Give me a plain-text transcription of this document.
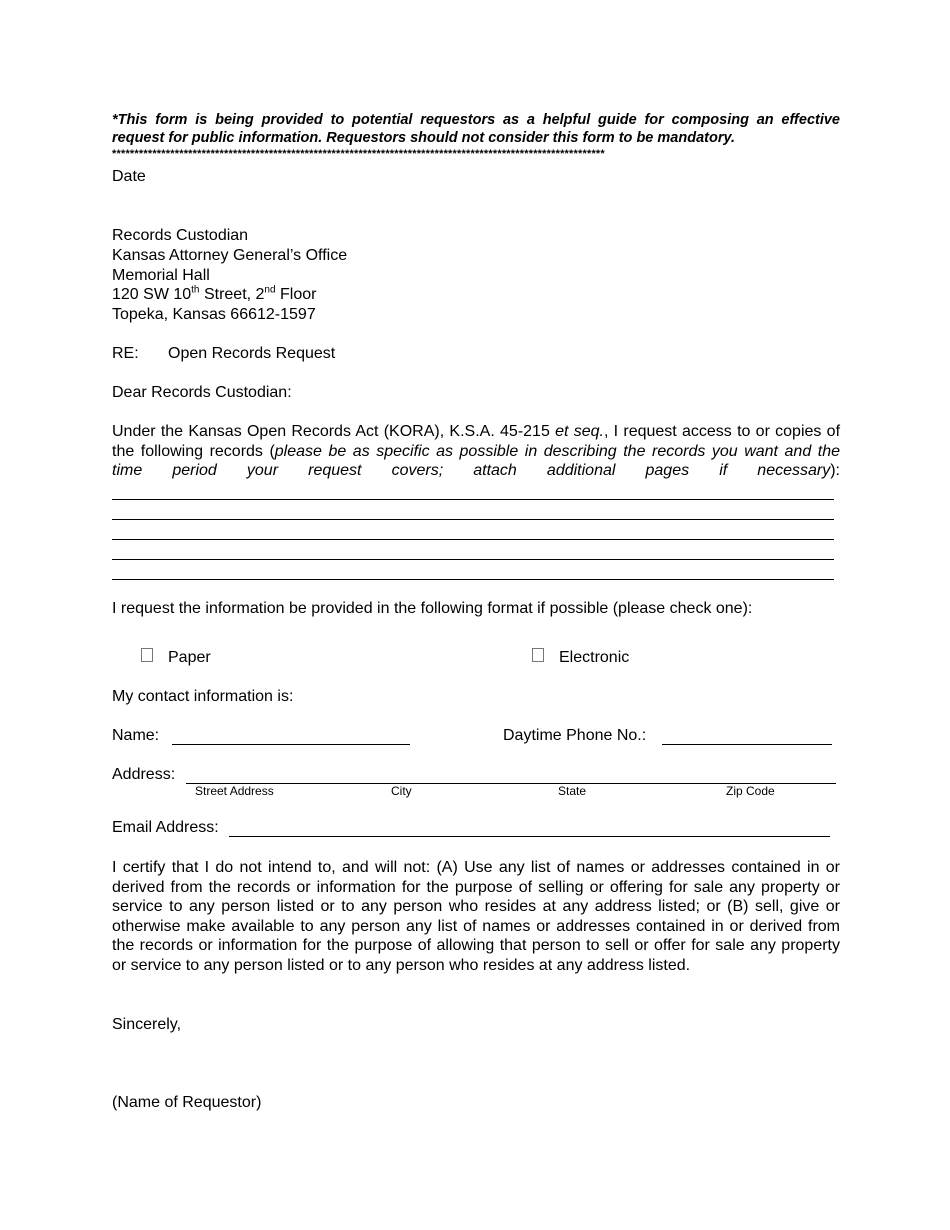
*This form is being provided to potential requestors as a helpful guide for composing an effective request for public information. Requestors should not consider this form to be mandatory.
**************************************************************************************************************
Date
Records Custodian
Kansas Attorney General’s Office
Memorial Hall
120 SW 10th Street, 2nd Floor
Topeka, Kansas 66612-1597
RE: Open Records Request
Dear Records Custodian:
Under the Kansas Open Records Act (KORA), K.S.A. 45-215 et seq., I request access to or copies of the following records (please be as specific as possible in describing the records you want and the time period your request covers; attach additional pages if necessary):
I request the information be provided in the following format if possible (please check one):
Paper	Electronic
My contact information is:
Name:	Daytime Phone No.:
Address:
Street Address	City	State	Zip Code
Email Address:
I certify that I do not intend to, and will not: (A) Use any list of names or addresses contained in or derived from the records or information for the purpose of selling or offering for sale any property or service to any person listed or to any person who resides at any address listed; or (B) sell, give or otherwise make available to any person any list of names or addresses contained in or derived from the records or information for the purpose of allowing that person to sell or offer for sale any property or service to any person listed or to any person who resides at any address listed.
Sincerely,
(Name of Requestor)
